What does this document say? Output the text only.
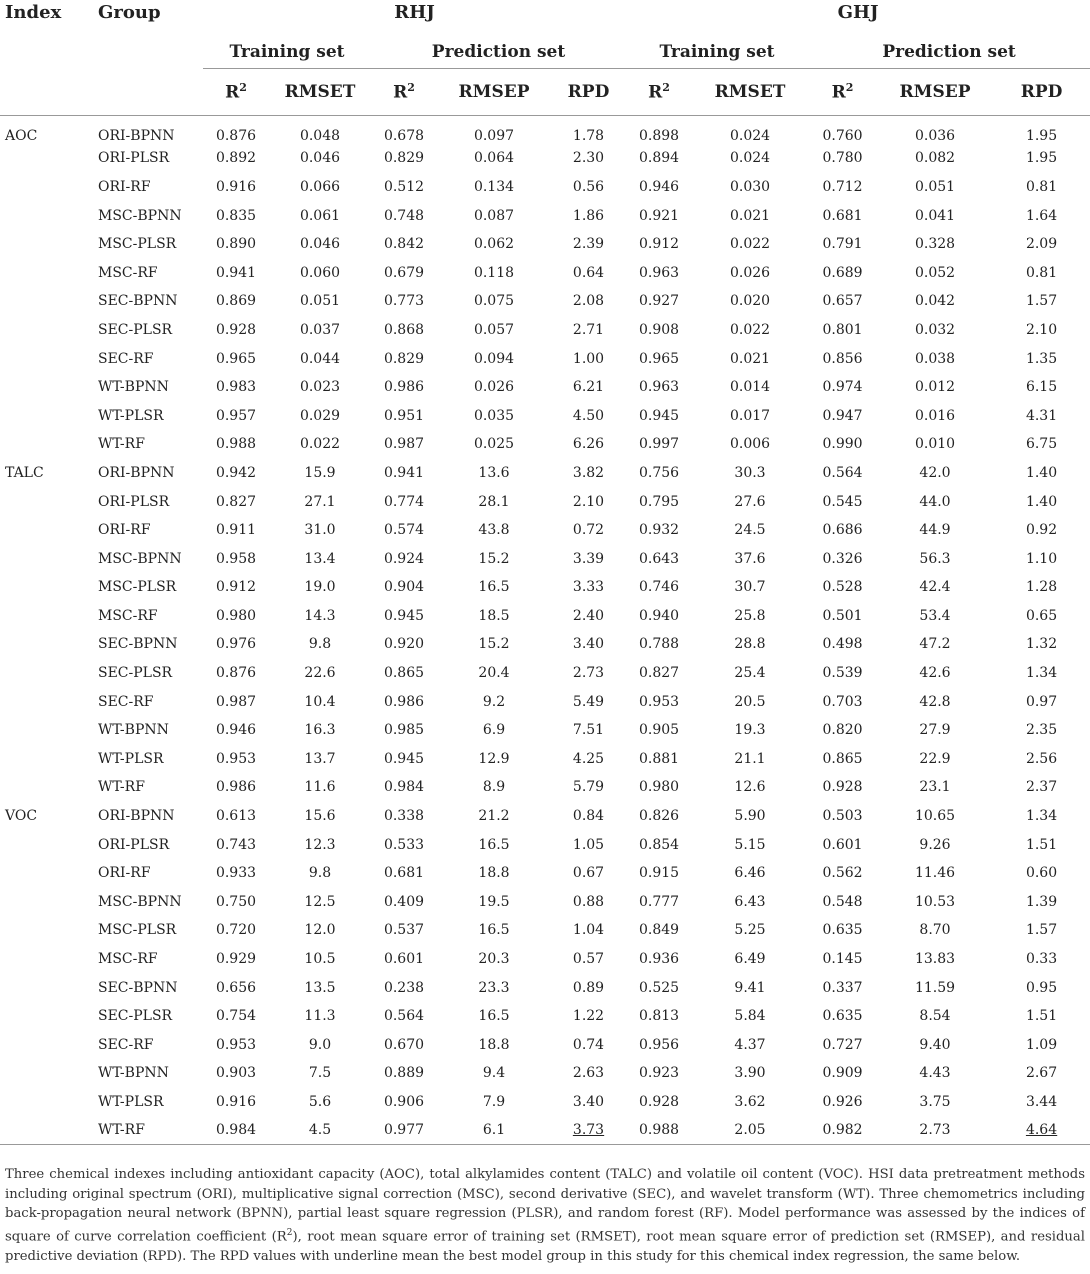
Index	Group	RHJ					GHJ				
		Training set		Prediction set			Training set		Prediction set		
		$R^2$	RMSET	$R^2$	RMSEP	RPD	$R^2$	RMSET	$R^2$	RMSEP	RPD
AOC	ORI-BPNN	0.876	0.048	0.678	0.097	1.78	0.898	0.024	0.760	0.036	1.95
	ORI-PLSR	0.892	0.046	0.829	0.064	2.30	0.894	0.024	0.780	0.082	1.95
	ORI-RF	0.916	0.066	0.512	0.134	0.56	0.946	0.030	0.712	0.051	0.81
	MSC-BPNN	0.835	0.061	0.748	0.087	1.86	0.921	0.021	0.681	0.041	1.64
	MSC-PLSR	0.890	0.046	0.842	0.062	2.39	0.912	0.022	0.791	0.328	2.09
	MSC-RF	0.941	0.060	0.679	0.118	0.64	0.963	0.026	0.689	0.052	0.81
	SEC-BPNN	0.869	0.051	0.773	0.075	2.08	0.927	0.020	0.657	0.042	1.57
	SEC-PLSR	0.928	0.037	0.868	0.057	2.71	0.908	0.022	0.801	0.032	2.10
	SEC-RF	0.965	0.044	0.829	0.094	1.00	0.965	0.021	0.856	0.038	1.35
	WT-BPNN	0.983	0.023	0.986	0.026	6.21	0.963	0.014	0.974	0.012	6.15
	WT-PLSR	0.957	0.029	0.951	0.035	4.50	0.945	0.017	0.947	0.016	4.31
	WT-RF	0.988	0.022	0.987	0.025	6.26	0.997	0.006	0.990	0.010	6.75
TALC	ORI-BPNN	0.942	15.9	0.941	13.6	3.82	0.756	30.3	0.564	42.0	1.40
	ORI-PLSR	0.827	27.1	0.774	28.1	2.10	0.795	27.6	0.545	44.0	1.40
	ORI-RF	0.911	31.0	0.574	43.8	0.72	0.932	24.5	0.686	44.9	0.92
	MSC-BPNN	0.958	13.4	0.924	15.2	3.39	0.643	37.6	0.326	56.3	1.10
	MSC-PLSR	0.912	19.0	0.904	16.5	3.33	0.746	30.7	0.528	42.4	1.28
	MSC-RF	0.980	14.3	0.945	18.5	2.40	0.940	25.8	0.501	53.4	0.65
	SEC-BPNN	0.976	9.8	0.920	15.2	3.40	0.788	28.8	0.498	47.2	1.32
	SEC-PLSR	0.876	22.6	0.865	20.4	2.73	0.827	25.4	0.539	42.6	1.34
	SEC-RF	0.987	10.4	0.986	9.2	5.49	0.953	20.5	0.703	42.8	0.97
	WT-BPNN	0.946	16.3	0.985	6.9	7.51	0.905	19.3	0.820	27.9	2.35
	WT-PLSR	0.953	13.7	0.945	12.9	4.25	0.881	21.1	0.865	22.9	2.56
	WT-RF	0.986	11.6	0.984	8.9	5.79	0.980	12.6	0.928	23.1	2.37
VOC	ORI-BPNN	0.613	15.6	0.338	21.2	0.84	0.826	5.90	0.503	10.65	1.34
	ORI-PLSR	0.743	12.3	0.533	16.5	1.05	0.854	5.15	0.601	9.26	1.51
	ORI-RF	0.933	9.8	0.681	18.8	0.67	0.915	6.46	0.562	11.46	0.60
	MSC-BPNN	0.750	12.5	0.409	19.5	0.88	0.777	6.43	0.548	10.53	1.39
	MSC-PLSR	0.720	12.0	0.537	16.5	1.04	0.849	5.25	0.635	8.70	1.57
	MSC-RF	0.929	10.5	0.601	20.3	0.57	0.936	6.49	0.145	13.83	0.33
	SEC-BPNN	0.656	13.5	0.238	23.3	0.89	0.525	9.41	0.337	11.59	0.95
	SEC-PLSR	0.754	11.3	0.564	16.5	1.22	0.813	5.84	0.635	8.54	1.51
	SEC-RF	0.953	9.0	0.670	18.8	0.74	0.956	4.37	0.727	9.40	1.09
	WT-BPNN	0.903	7.5	0.889	9.4	2.63	0.923	3.90	0.909	4.43	2.67
	WT-PLSR	0.916	5.6	0.906	7.9	3.40	0.928	3.62	0.926	3.75	3.44
	WT-RF	0.984	4.5	0.977	6.1	3.73	0.988	2.05	0.982	2.73	4.64
Three chemical indexes including antioxidant capacity (AOC), total alkylamides content (TALC) and volatile oil content (VOC). HSI data pretreatment methods including original spectrum (ORI), multiplicative signal correction (MSC), second derivative (SEC), and wavelet transform (WT). Three chemometrics including back-propagation neural network (BPNN), partial least square regression (PLSR), and random forest (RF). Model performance was assessed by the indices of square of curve correlation coefficient $(R^2)$, root mean square error of training set (RMSET), root mean square error of prediction set (RMSEP), and residual predictive deviation (RPD). The RPD values with underline mean the best model group in this study for this chemical index regression, the same below.
